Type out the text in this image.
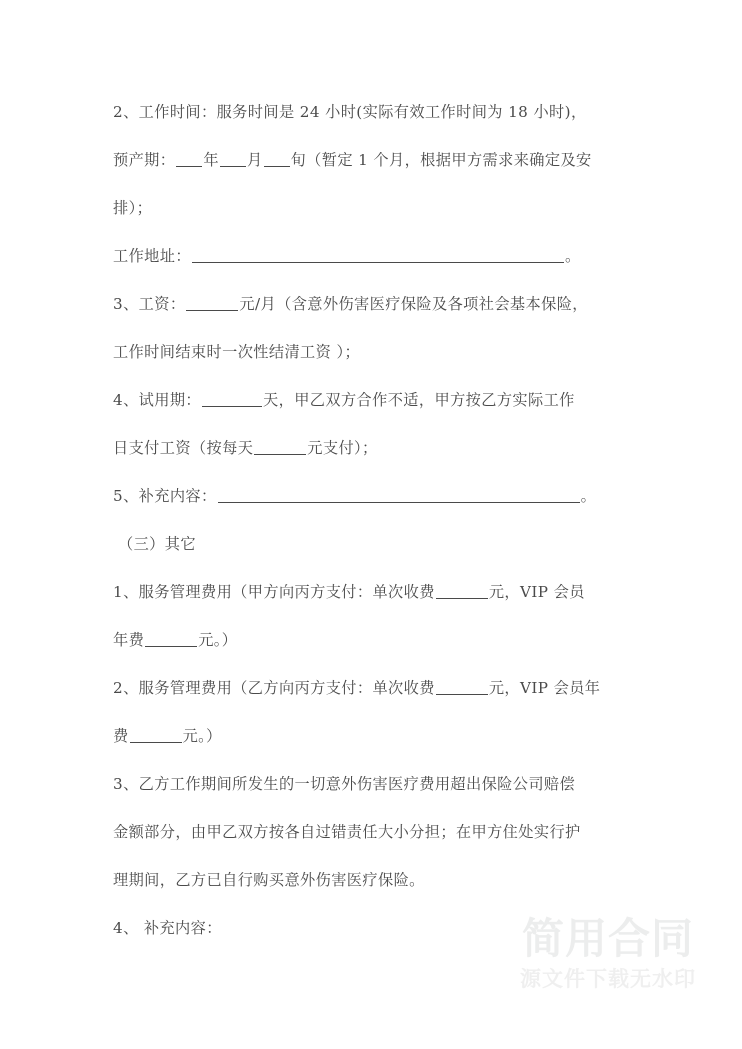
2、工作时间：服务时间是 24 小时(实际有效工作时间为 18 小时)，
预产期： 年 月 旬（暂定 1 个月，根据甲方需求来确定及安
排）；
工作地址：	。
3、工资：	元/月（含意外伤害医疗保险及各项社会基本保险，
工作时间结束时一次性结清工资 ）；
4、试用期：	天，甲乙双方合作不适，甲方按乙方实际工作
日支付工资（按每天	元支付）；
5、补充内容：	。
（三）其它
1、服务管理费用（甲方向丙方支付：单次收费	元，VIP 会员
年费	元。）
2、服务管理费用（乙方向丙方支付：单次收费	元，VIP 会员年
费	元。）
3、乙方工作期间所发生的一切意外伤害医疗费用超出保险公司赔偿
金额部分，由甲乙双方按各自过错责任大小分担；在甲方住处实行护
理期间，乙方已自行购买意外伤害医疗保险。
4、 补充内容：	简用合同
源文件下载无水印
